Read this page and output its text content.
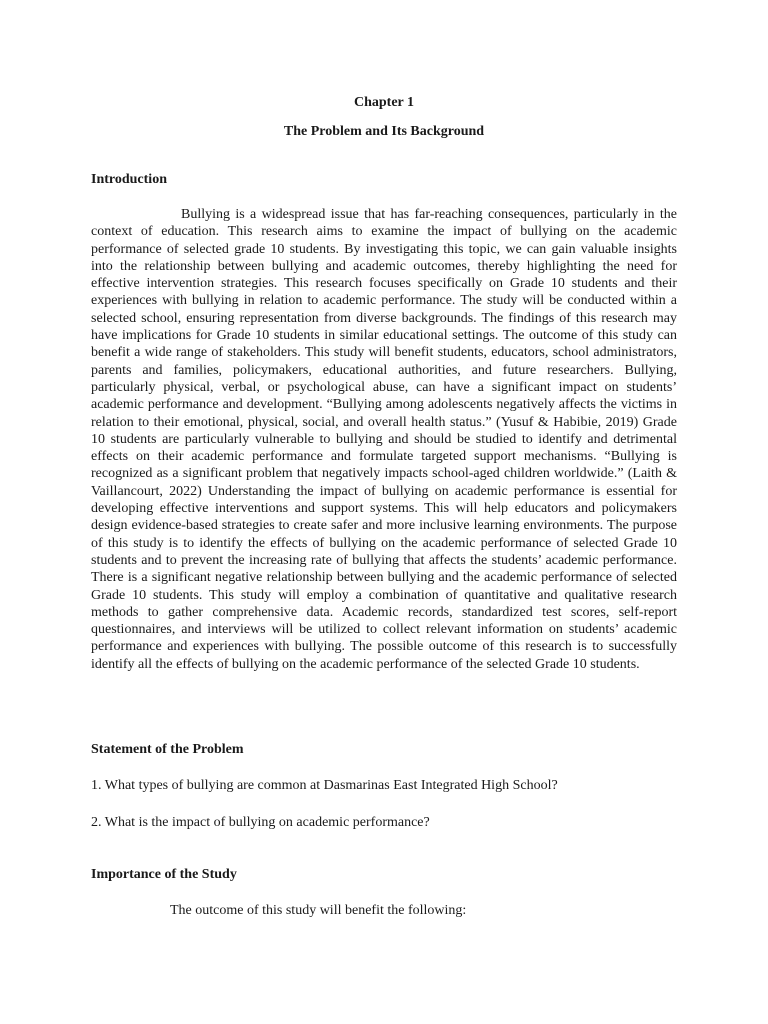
Chapter 1
The Problem and Its Background
Introduction

Bullying is a widespread issue that has far-reaching consequences, particularly in the context of education. This research aims to examine the impact of bullying on the academic performance of selected grade 10 students. By investigating this topic, we can gain valuable insights into the relationship between bullying and academic outcomes, thereby highlighting the need for effective intervention strategies. This research focuses specifically on Grade 10 students and their experiences with bullying in relation to academic performance. The study will be conducted within a selected school, ensuring representation from diverse backgrounds. The findings of this research may have implications for Grade 10 students in similar educational settings. The outcome of this study can benefit a wide range of stakeholders. This study will benefit students, educators, school administrators, parents and families, policymakers, educational authorities, and future researchers. Bullying, particularly physical, verbal, or psychological abuse, can have a significant impact on students’ academic performance and development. “Bullying among adolescents negatively affects the victims in relation to their emotional, physical, social, and overall health status.” (Yusuf & Habibie, 2019) Grade 10 students are particularly vulnerable to bullying and should be studied to identify and detrimental effects on their academic performance and formulate targeted support mechanisms. “Bullying is recognized as a significant problem that negatively impacts school-aged children worldwide.” (Laith & Vaillancourt, 2022) Understanding the impact of bullying on academic performance is essential for developing effective interventions and support systems. This will help educators and policymakers design evidence-based strategies to create safer and more inclusive learning environments. The purpose of this study is to identify the effects of bullying on the academic performance of selected Grade 10 students and to prevent the increasing rate of bullying that affects the students’ academic performance. There is a significant negative relationship between bullying and the academic performance of selected Grade 10 students. This study will employ a combination of quantitative and qualitative research methods to gather comprehensive data. Academic records, standardized test scores, self-report questionnaires, and interviews will be utilized to collect relevant information on students’ academic performance and experiences with bullying. The possible outcome of this research is to successfully identify all the effects of bullying on the academic performance of the selected Grade 10 students.

Statement of the Problem

1. What types of bullying are common at Dasmarinas East Integrated High School?

2. What is the impact of bullying on academic performance?

Importance of the Study

The outcome of this study will benefit the following:
